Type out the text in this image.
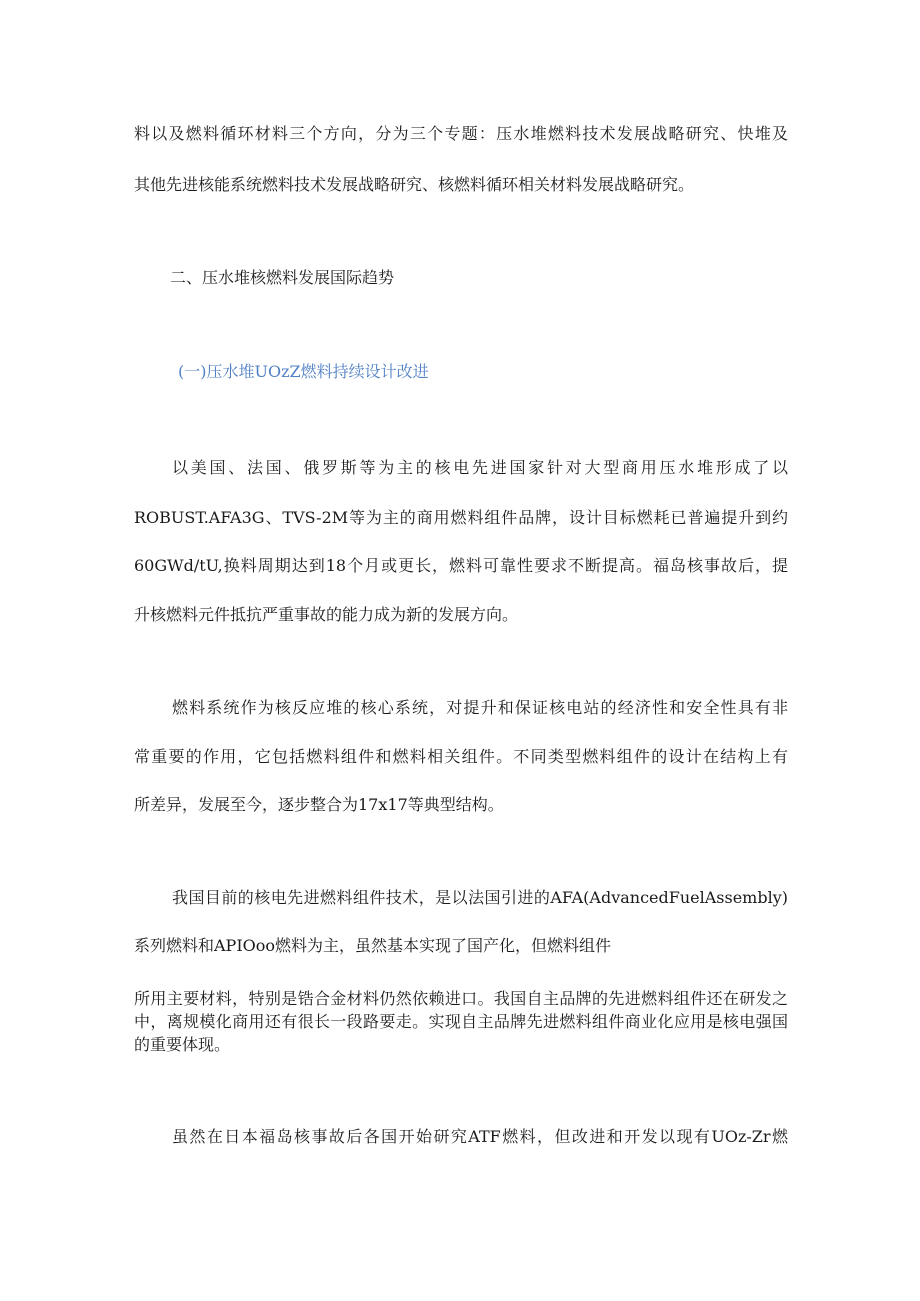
料以及燃料循环材料三个方向，分为三个专题：压水堆燃料技术发展战略研究、快堆及
其他先进核能系统燃料技术发展战略研究、核燃料循环相关材料发展战略研究。
二、压水堆核燃料发展国际趋势
(一)压水堆UOzZ燃料持续设计改进
以美国、法国、俄罗斯等为主的核电先进国家针对大型商用压水堆形成了以
ROBUST.AFA3G、TVS-2M等为主的商用燃料组件品牌，设计目标燃耗已普遍提升到约
60GWd/tU,换料周期达到18个月或更长，燃料可靠性要求不断提高。福岛核事故后，提
升核燃料元件抵抗严重事故的能力成为新的发展方向。
燃料系统作为核反应堆的核心系统，对提升和保证核电站的经济性和安全性具有非
常重要的作用，它包括燃料组件和燃料相关组件。不同类型燃料组件的设计在结构上有
所差异，发展至今，逐步整合为17x17等典型结构。
我国目前的核电先进燃料组件技术，是以法国引进的AFA(AdvancedFuelAssembly)
系列燃料和APIOoo燃料为主，虽然基本实现了国产化，但燃料组件
所用主要材料，特别是锆合金材料仍然依赖进口。我国自主品牌的先进燃料组件还在研发之中，离规模化商用还有很长一段路要走。实现自主品牌先进燃料组件商业化应用是核电强国的重要体现。
虽然在日本福岛核事故后各国开始研究ATF燃料，但改进和开发以现有UOz-Zr燃
